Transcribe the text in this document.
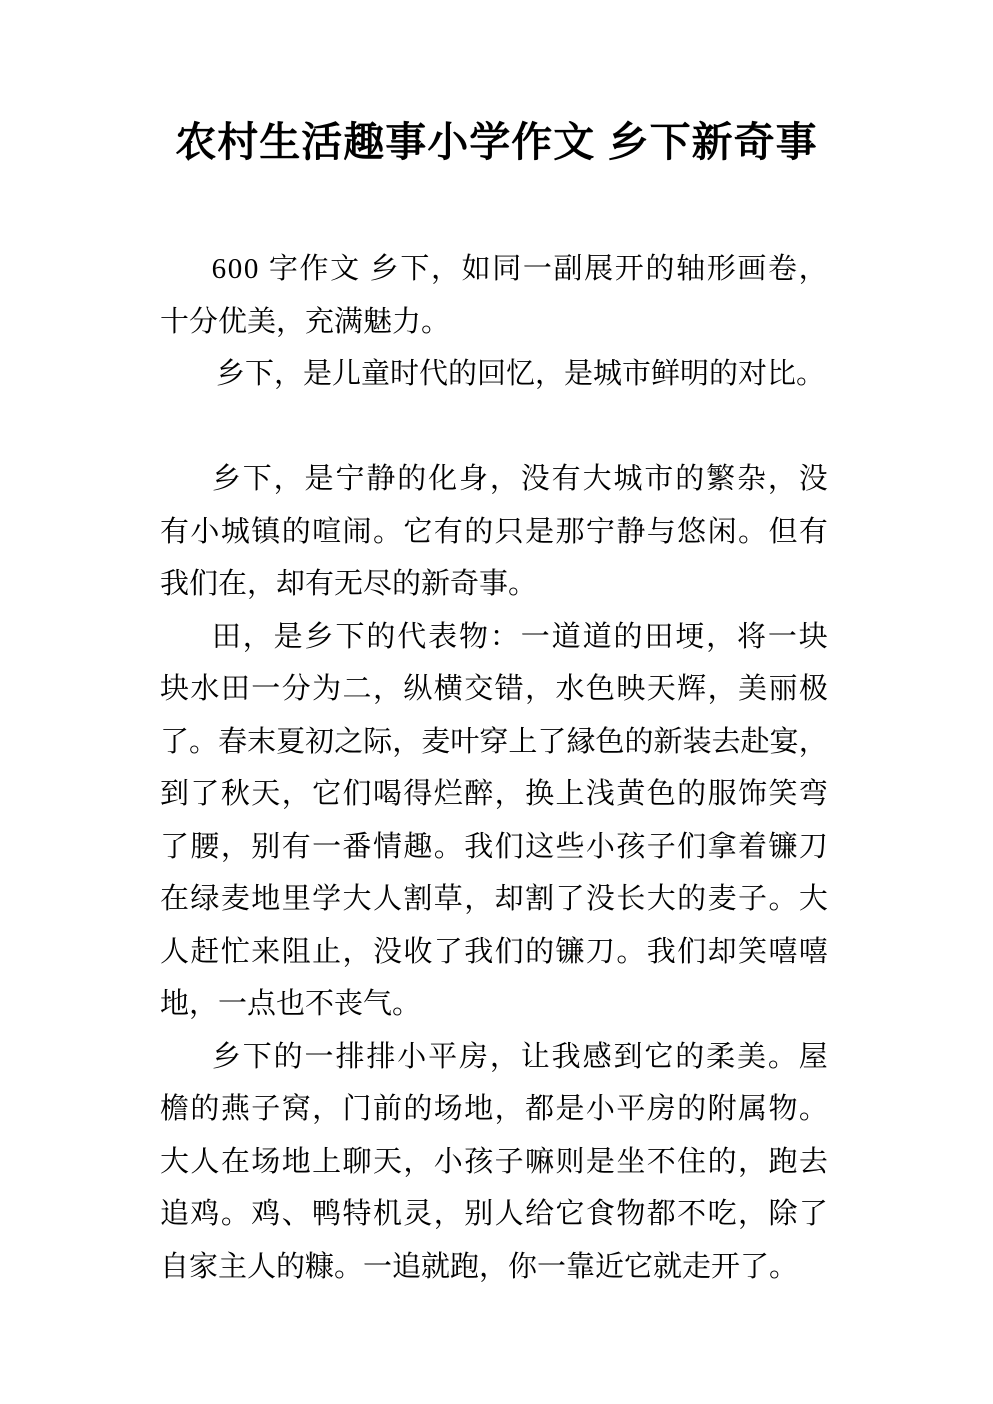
农村生活趣事小学作文 乡下新奇事
6 0 0
字 作 文
乡 下 ， 如 同 一 副 展 开 的 轴 形 画 卷 ，
十分优美，充满魅力。
乡下，是儿童时代的回忆，是城市鲜明的对比。
乡 下 ， 是 宁 静 的 化 身 ， 没 有 大 城 市 的 繁 杂 ， 没
有 小 城 镇 的 喧 闹 。 它 有 的 只 是 那 宁 静 与 悠 闲 。 但 有
我们在，却有无尽的新奇事。
田 ， 是 乡 下 的 代 表 物 ： 一 道 道 的 田 埂 ， 将 一 块
块 水 田 一 分 为 二 ， 纵 横 交 错 ， 水 色 映 天 辉 ， 美 丽 极
了 。 春 末 夏 初 之 际 ， 麦 叶 穿 上 了 縁 色 的 新 装 去 赴 宴 ，
到 了 秋 天 ， 它 们 喝 得 烂 醉 ， 换 上 浅 黄 色 的 服 饰 笑 弯
了 腰 ， 别 有 一 番 情 趣 。 我 们 这 些 小 孩 子 们 拿 着 镰 刀
在 绿 麦 地 里 学 大 人 割 草 ， 却 割 了 没 长 大 的 麦 子 。 大
人 赶 忙 来 阻 止 ， 没 收 了 我 们 的 镰 刀 。 我 们 却 笑 嘻 嘻
地，一点也不丧气。
乡 下 的 一 排 排 小 平 房 ， 让 我 感 到 它 的 柔 美 。 屋
檐 的 燕 子 窝 ， 门 前 的 场 地 ， 都 是 小 平 房 的 附 属 物 。
大 人 在 场 地 上 聊 天 ， 小 孩 子 嘛 则 是 坐 不 住 的 ， 跑 去
追 鸡 。 鸡 、 鸭 特 机 灵 ， 别 人 给 它 食 物 都 不 吃 ， 除 了
自家主人的糠。一追就跑，你一靠近它就走开了。
